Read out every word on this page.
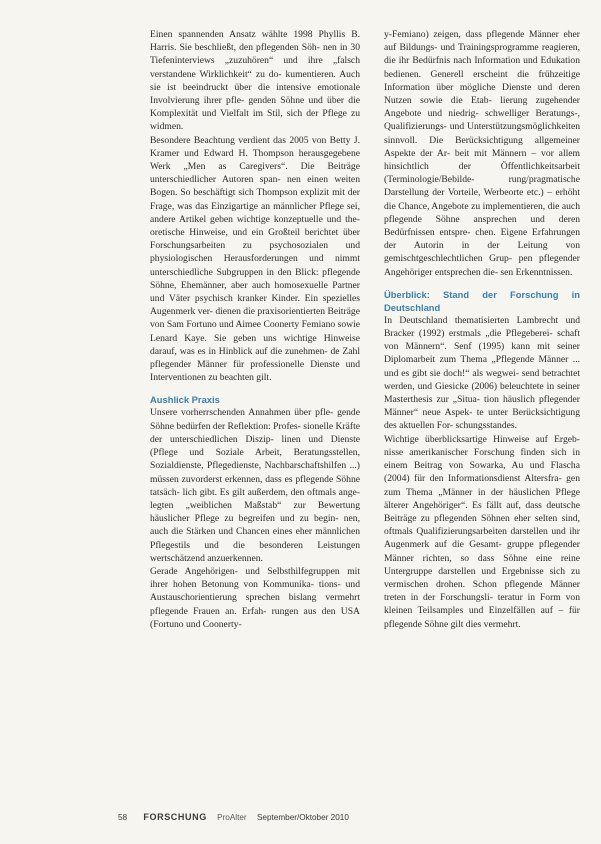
Einen spannenden Ansatz wählte 1998 Phyllis B. Harris. Sie beschließt, den pflegenden Söh- nen in 30 Tiefeninterviews „zuzuhören“ und ihre „falsch verstandene Wirklichkeit“ zu do- kumentieren. Auch sie ist beeindruckt über die intensive emotionale Involvierung ihrer pfle- genden Söhne und über die Komplexität und Vielfalt im Stil, sich der Pflege zu widmen.

Besondere Beachtung verdient das 2005 von Betty J. Kramer und Edward H. Thompson herausgegebene Werk „Men as Caregivers“. Die Beiträge unterschiedlicher Autoren span- nen einen weiten Bogen. So beschäftigt sich Thompson explizit mit der Frage, was das Einzigartige an männlicher Pflege sei, andere Artikel geben wichtige konzeptuelle und the- oretische Hinweise, und ein Großteil berichtet über Forschungsarbeiten zu psychosozialen und physiologischen Herausforderungen und nimmt unterschiedliche Subgruppen in den Blick: pflegende Söhne, Ehemänner, aber auch homosexuelle Partner und Väter psychisch kranker Kinder. Ein spezielles Augenmerk ver- dienen die praxisorientierten Beiträge von Sam Fortuno und Aimee Coonerty Femiano sowie Lenard Kaye. Sie geben uns wichtige Hinweise darauf, was es in Hinblick auf die zunehmen- de Zahl pflegender Männer für professionelle Dienste und Interventionen zu beachten gilt.

Aushlick Praxis

Unsere vorherrschenden Annahmen über pfle- gende Söhne bedürfen der Reflektion: Profes- sionelle Kräfte der unterschiedlichen Diszip- linen und Dienste (Pflege und Soziale Arbeit, Beratungsstellen, Sozialdienste, Pflegedienste, Nachbarschaftshilfen ...) müssen zuvorderst erkennen, dass es pflegende Söhne tatsäch- lich gibt. Es gilt außerdem, den oftmals ange- legten „weiblichen Maßstab“ zur Bewertung häuslicher Pflege zu begreifen und zu begin- nen, auch die Stärken und Chancen eines eher männlichen Pflegestils und die besonderen Leistungen wertschätzend anzuerkennen.

Gerade Angehörigen- und Selbsthilfegruppen mit ihrer hohen Betonung von Kommunika- tions- und Austauschorientierung sprechen bislang vermehrt pflegende Frauen an. Erfah- rungen aus den USA (Fortuno und Coonerty-

y-Femiano) zeigen, dass pflegende Männer eher auf Bildungs- und Trainingsprogramme reagieren, die ihr Bedürfnis nach Information und Edukation bedienen. Generell erscheint die frühzeitige Information über mögliche Dienste und deren Nutzen sowie die Etab- lierung zugehender Angebote und niedrig- schwelliger Beratungs-, Qualifizierungs- und Unterstützungsmöglichkeiten sinnvoll. Die Berücksichtigung allgemeiner Aspekte der Ar- beit mit Männern – vor allem hinsichtlich der Öffentlichkeitsarbeit (Terminologie/Bebilde- rung/pragmatische Darstellung der Vorteile, Werbeorte etc.) – erhöht die Chance, Angebote zu implementieren, die auch pflegende Söhne ansprechen und deren Bedürfnissen entspre- chen. Eigene Erfahrungen der Autorin in der Leitung von gemischtgeschlechtlichen Grup- pen pflegender Angehöriger entsprechen die- sen Erkenntnissen.

Überblick: Stand der Forschung in Deutschland

In Deutschland thematisierten Lambrecht und Bracker (1992) erstmals „die Pflegeberei- schaft von Männern“. Senf (1995) kann mit seiner Diplomarbeit zum Thema „Pflegende Männer ... und es gibt sie doch!“ als wegwei- send betrachtet werden, und Giesicke (2006) beleuchtete in seiner Masterthesis zur „Situa- tion häuslich pflegender Männer“ neue Aspek- te unter Berücksichtigung des aktuellen For- schungsstandes.

Wichtige überblicksartige Hinweise auf Ergeb- nisse amerikanischer Forschung finden sich in einem Beitrag von Sowarka, Au und Flascha (2004) für den Informationsdienst Altersfra- gen zum Thema „Männer in der häuslichen Pflege älterer Angehöriger“. Es fällt auf, dass deutsche Beiträge zu pflegenden Söhnen eher selten sind, oftmals Qualifizierungsarbeiten darstellen und ihr Augenmerk auf die Gesamt- gruppe pflegender Männer richten, so dass Söhne eine reine Untergruppe darstellen und Ergebnisse sich zu vermischen drohen. Schon pflegende Männer treten in der Forschungsli- teratur in Form von kleinen Teilsamples und Einzelfällen auf – für pflegende Söhne gilt dies vermehrt.

58 FORSCHUNG ProAlter September/Oktober 2010
